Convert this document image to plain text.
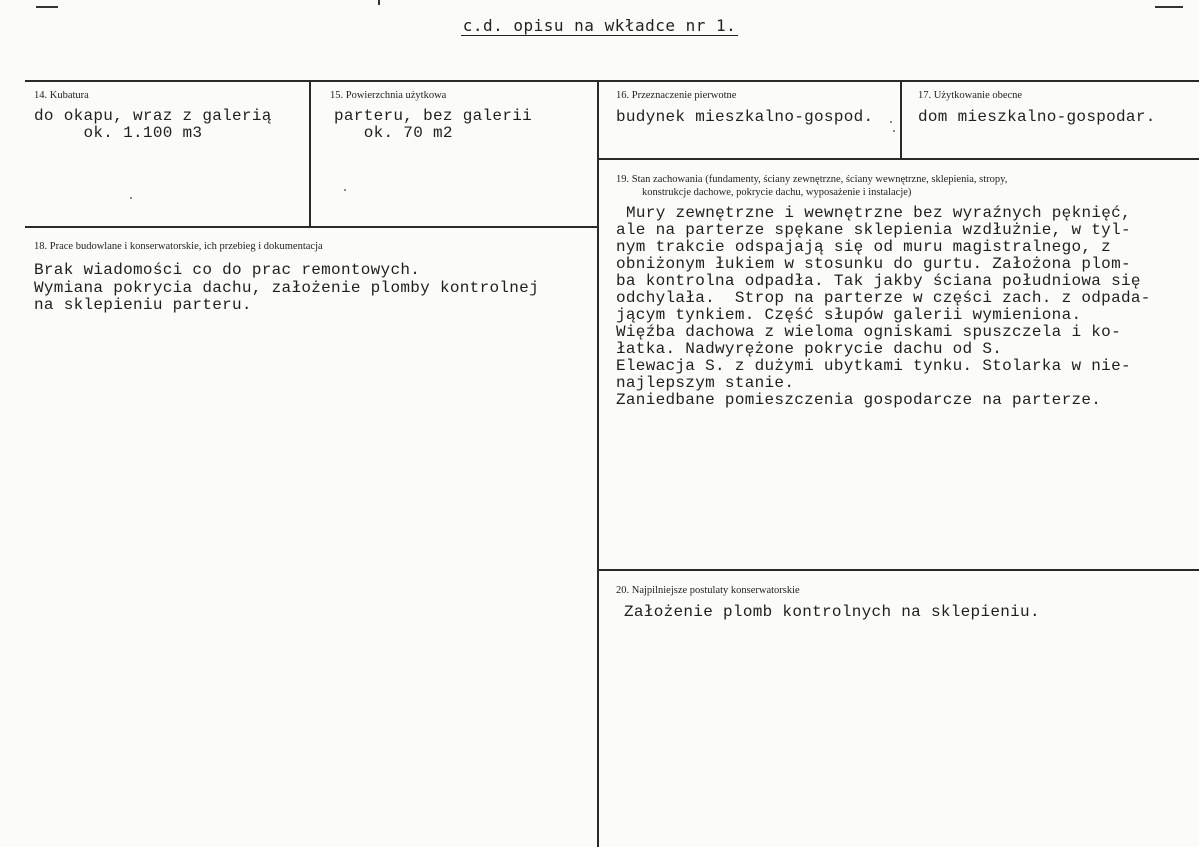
c.d. opisu na wkładce nr 1.
14. Kubatura
do okapu, wraz z galerią
ok. 1.100 m3
15. Powierzchnia użytkowa
parteru, bez galerii
ok. 70 m2
16. Przeznaczenie pierwotne
budynek mieszkalno-gospod.
17. Użytkowanie obecne
dom mieszkalno-gospodar.
18. Prace budowlane i konserwatorskie, ich przebieg i dokumentacja
Brak wiadomości co do prac remontowych.
Wymiana pokrycia dachu, założenie plomby kontrolnej
na sklepieniu parteru.
19. Stan zachowania (fundamenty, ściany zewnętrzne, ściany wewnętrzne, sklepienia, stropy,
konstrukcje dachowe, pokrycie dachu, wyposażenie i instalacje)
Mury zewnętrzne i wewnętrzne bez wyraźnych pęknięć,
ale na parterze spękane sklepienia wzdłużnie, w tyl-
nym trakcie odspajają się od muru magistralnego, z
obniżonym łukiem w stosunku do gurtu. Założona plom-
ba kontrolna odpadła. Tak jakby ściana południowa się
odchylała.  Strop na parterze w części zach. z odpada-
jącym tynkiem. Część słupów galerii wymieniona.
Więźba dachowa z wieloma ogniskami spuszczela i ko-
łatka. Nadwyrężone pokrycie dachu od S.
Elewacja S. z dużymi ubytkami tynku. Stolarka w nie-
najlepszym stanie.
Zaniedbane pomieszczenia gospodarcze na parterze.
20. Najpilniejsze postulaty konserwatorskie
Założenie plomb kontrolnych na sklepieniu.
